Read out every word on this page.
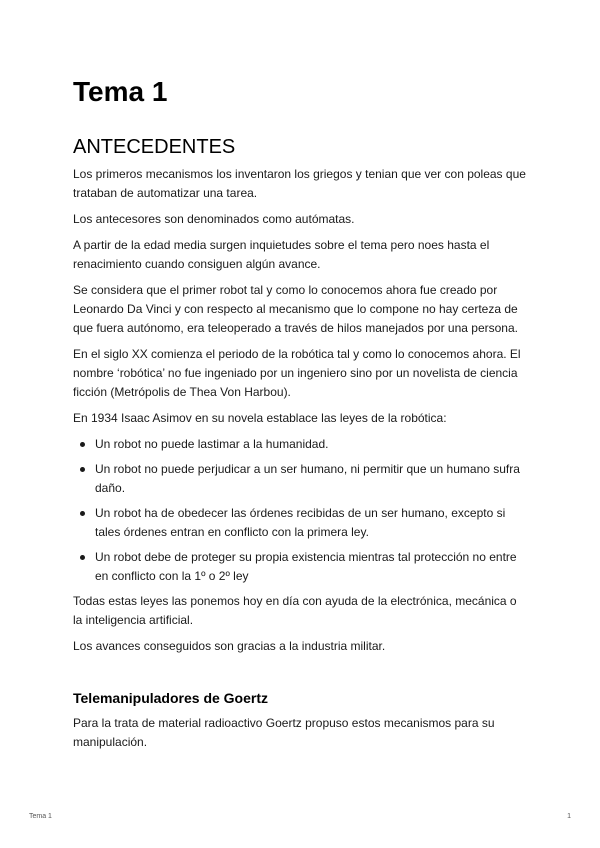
Tema 1
ANTECEDENTES

Los primeros mecanismos los inventaron los griegos y tenian que ver con poleas que trataban de automatizar una tarea.

Los antecesores son denominados como autómatas.

A partir de la edad media surgen inquietudes sobre el tema pero noes hasta el renacimiento cuando consiguen algún avance.

Se considera que el primer robot tal y como lo conocemos ahora fue creado por Leonardo Da Vinci y con respecto al mecanismo que lo compone no hay certeza de que fuera autónomo, era teleoperado a través de hilos manejados por una persona.

En el siglo XX comienza el periodo de la robótica tal y como lo conocemos ahora. El nombre ‘robótica’ no fue ingeniado por un ingeniero sino por un novelista de ciencia ficción (Metrópolis de Thea Von Harbou).

En 1934 Isaac Asimov en su novela establace las leyes de la robótica:

Un robot no puede lastimar a la humanidad.
Un robot no puede perjudicar a un ser humano, ni permitir que un humano sufra daño.
Un robot ha de obedecer las órdenes recibidas de un ser humano, excepto si tales órdenes entran en conflicto con la primera ley.
Un robot debe de proteger su propia existencia mientras tal protección no entre en conflicto con la 1º o 2º ley

Todas estas leyes las ponemos hoy en día con ayuda de la electrónica, mecánica o la inteligencia artificial.

Los avances conseguidos son gracias a la industria militar.

Telemanipuladores de Goertz

Para la trata de material radioactivo Goertz propuso estos mecanismos para su manipulación.

Tema 1	1
